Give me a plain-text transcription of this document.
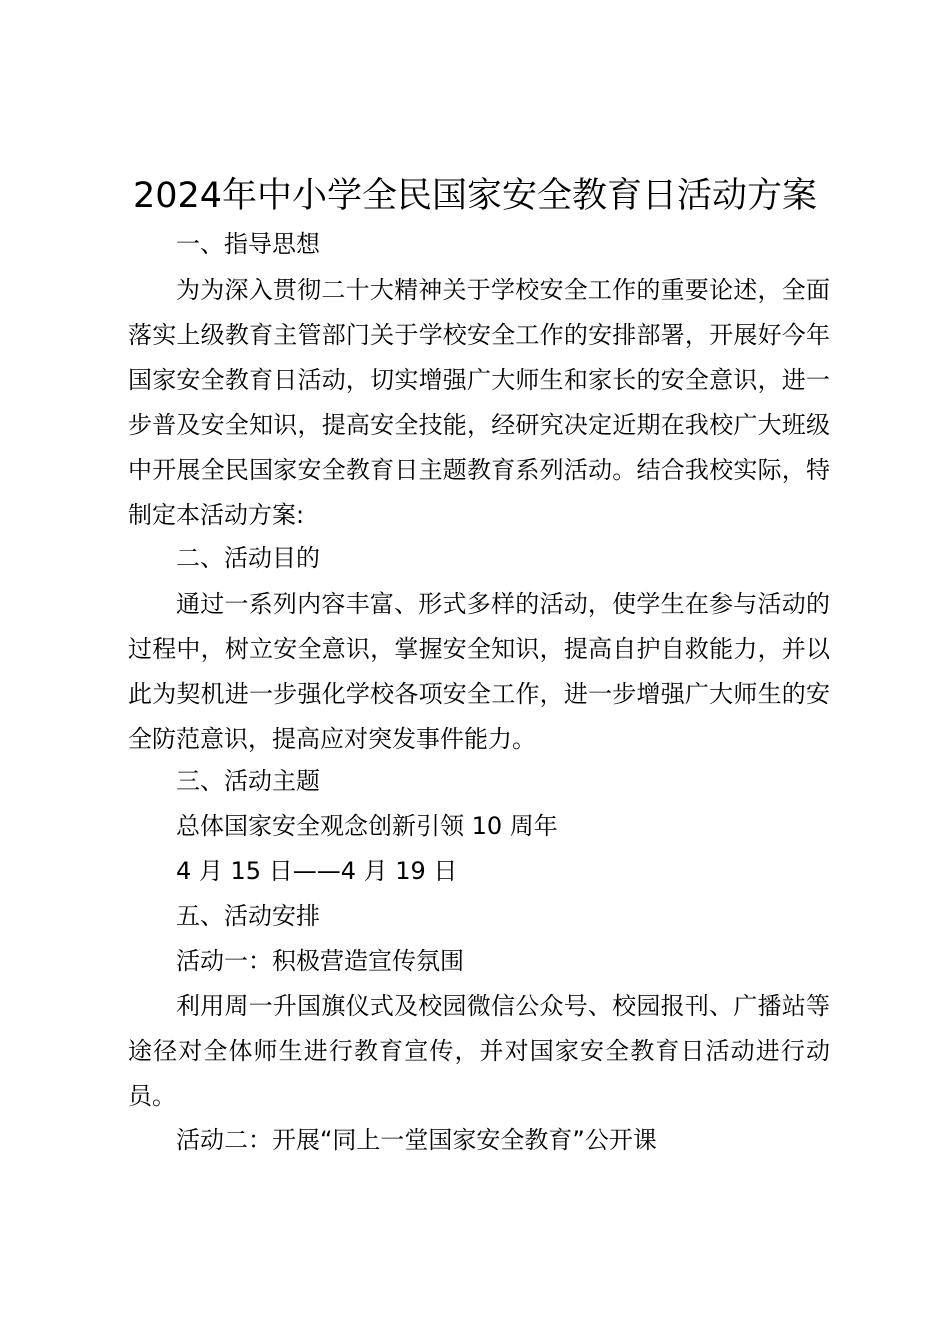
2024年中小学全民国家安全教育日活动方案
一、指导思想

为为深入贯彻二十大精神关于学校安全工作的重要论述，全面落实上级教育主管部门关于学校安全工作的安排部署，开展好今年国家安全教育日活动，切实增强广大师生和家长的安全意识，进一步普及安全知识，提高安全技能，经研究决定近期在我校广大班级中开展全民国家安全教育日主题教育系列活动。结合我校实际，特制定本活动方案:

二、活动目的

通过一系列内容丰富、形式多样的活动，使学生在参与活动的过程中，树立安全意识，掌握安全知识，提高自护自救能力，并以此为契机进一步强化学校各项安全工作，进一步增强广大师生的安全防范意识，提高应对突发事件能力。

三、活动主题
总体国家安全观念创新引领 10 周年
4 月 15 日——4 月 19 日
五、活动安排
活动一：积极营造宣传氛围

利用周一升国旗仪式及校园微信公众号、校园报刊、广播站等途径对全体师生进行教育宣传，并对国家安全教育日活动进行动员。

活动二：开展“同上一堂国家安全教育”公开课
